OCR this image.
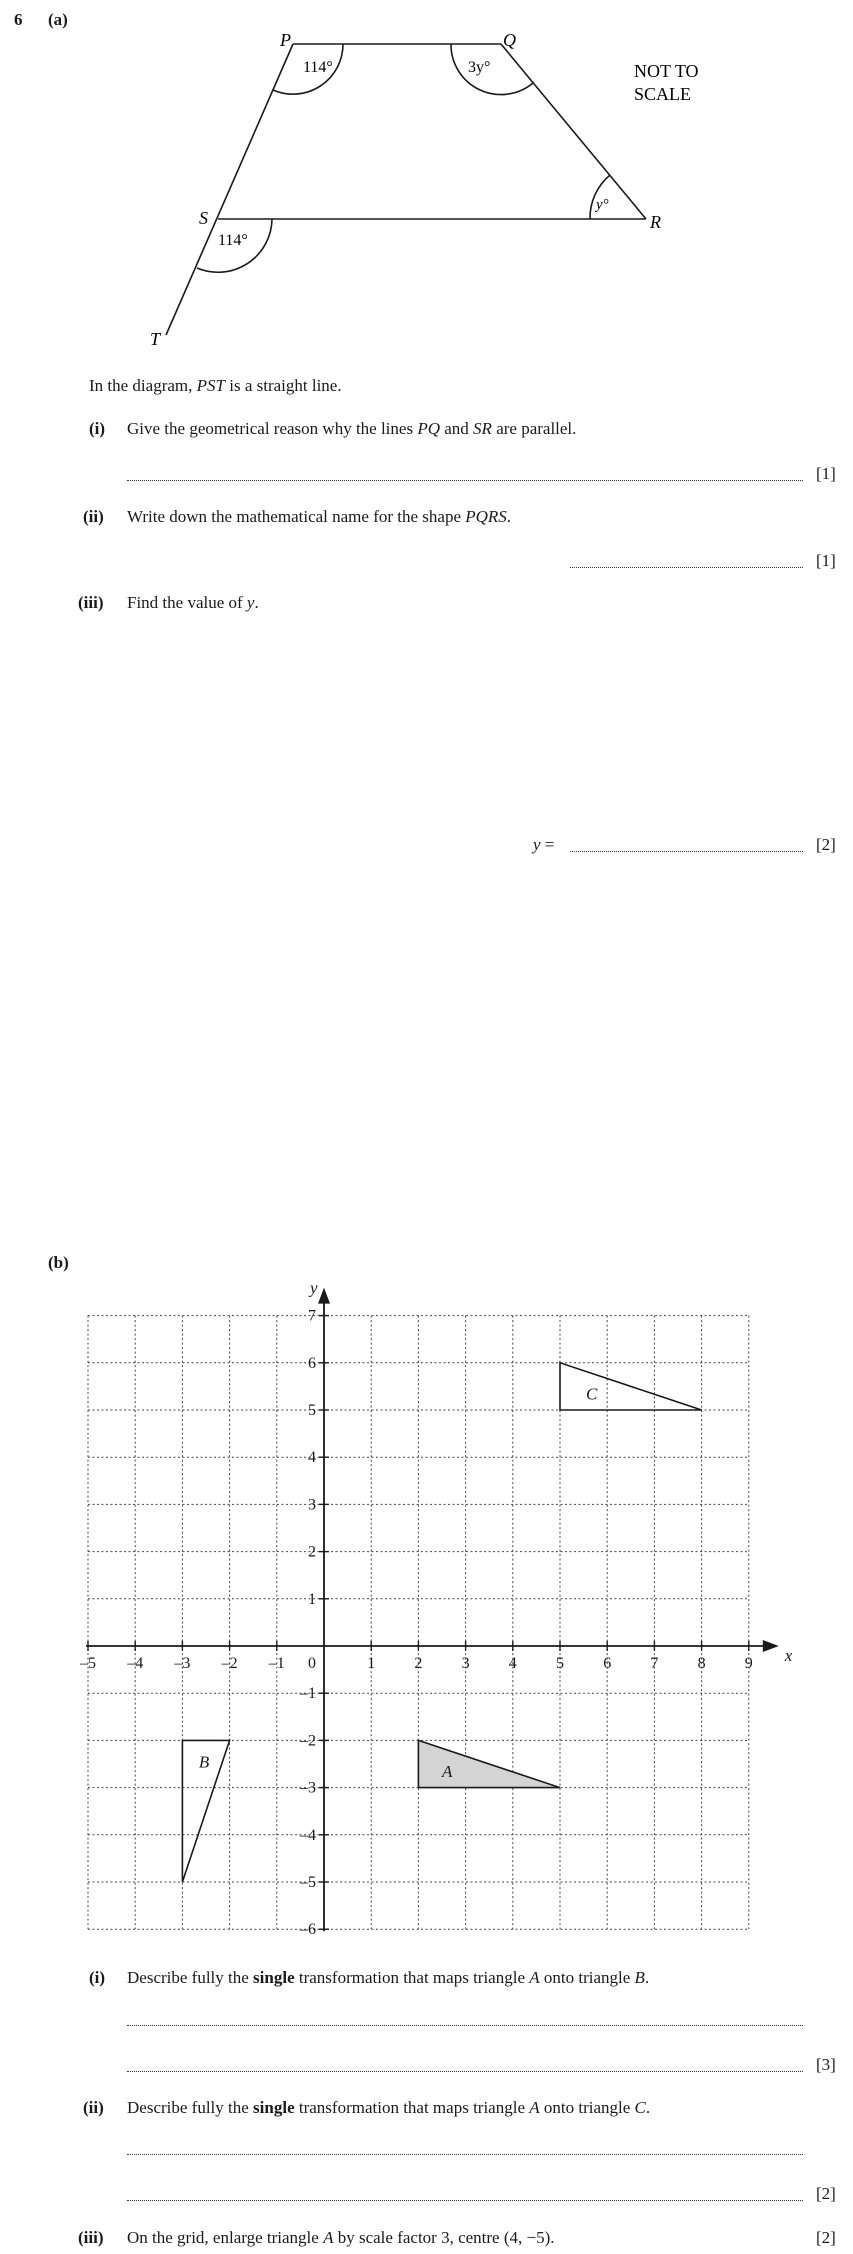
6 (a)
P	Q
R
S
T
114°	3y°
y°
114°
NOT TO
SCALE
In the diagram, PST is a straight line.
(i) Give the geometrical reason why the lines PQ and SR are parallel.
[1]
(ii) Write down the mathematical name for the shape PQRS.
[1]
(iii) Find the value of y.
y =	[2]
(b)
A
B
C
x
y
–5 –4 –3 –2 –1 0	1 2 3 4 5 6 7 8 9
–6
–5
–4
–3
–2
–1
1
2
3
4
5
6
7
(i) Describe fully the single transformation that maps triangle A onto triangle B.
[3]
(ii) Describe fully the single transformation that maps triangle A onto triangle C.
[2]
(iii) On the grid, enlarge triangle A by scale factor 3, centre (4, −5).	[2]
